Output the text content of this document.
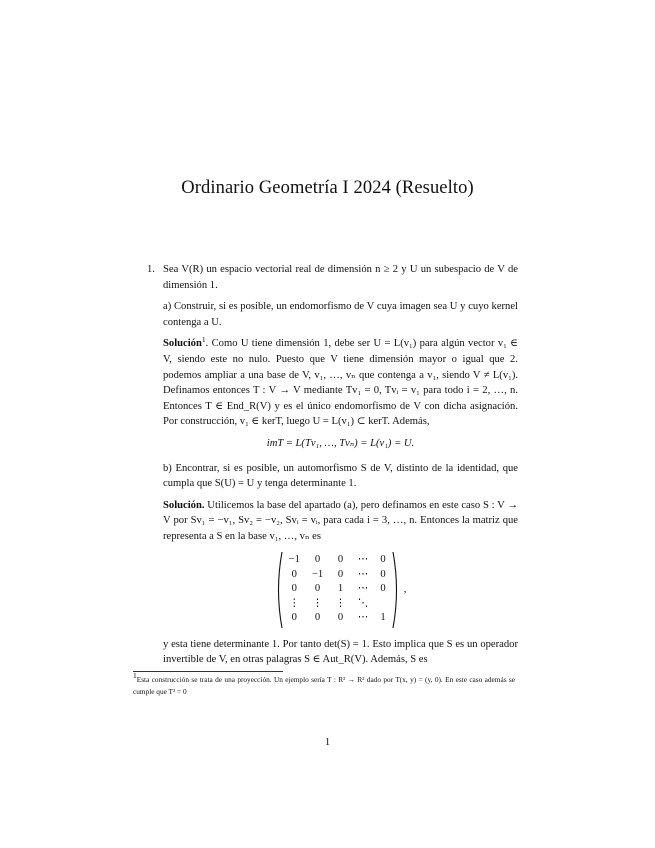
Ordinario Geometría I 2024 (Resuelto)

1. Sea V(R) un espacio vectorial real de dimensión n ≥ 2 y U un subespacio de V de dimensión 1.

a) Construir, si es posible, un endomorfismo de V cuya imagen sea U y cuyo kernel contenga a U.

Solución$^1$. Como U tiene dimensión 1, debe ser U = L(v₁) para algún vector v₁ ∈ V, siendo este no nulo. Puesto que V tiene dimensión mayor o igual que 2. podemos ampliar a una base de V, v₁, …, vₙ que contenga a v₁, siendo V ≠ L(v₁). Definamos entonces T : V → V mediante Tv₁ = 0, Tvᵢ = v₁ para todo i = 2, …, n. Entonces T ∈ End_R(V) y es el único endomorfismo de V con dicha asignación. Por construcción, v₁ ∈ kerT, luego U = L(v₁) ⊂ kerT. Además,

imT = L(Tv₁, …, Tvₙ) = L(v₁) = U.

b) Encontrar, si es posible, un automorfismo S de V, distinto de la identidad, que cumpla que S(U) = U y tenga determinante 1.

Solución. Utilicemos la base del apartado (a), pero definamos en este caso S : V → V por Sv₁ = −v₁, Sv₂ = −v₂, Svᵢ = vᵢ, para cada i = 3, …, n. Entonces la matriz que representa a S en la base v₁, …, vₙ es

−1	0	0	⋯	0
0	−1	0	⋯	0
0	0	1	⋯	0
⋮	⋮	⋮	⋱	
0	0	0	⋯	1
,

y esta tiene determinante 1. Por tanto det(S) = 1. Esto implica que S es un operador invertible de V, en otras palagras S ∈ Aut_R(V). Además, S es

$^1$Esta construcción se trata de una proyección. Un ejemplo sería T : R² → R² dado por T(x, y) = (y, 0). En este caso además se cumple que T² = 0
1
